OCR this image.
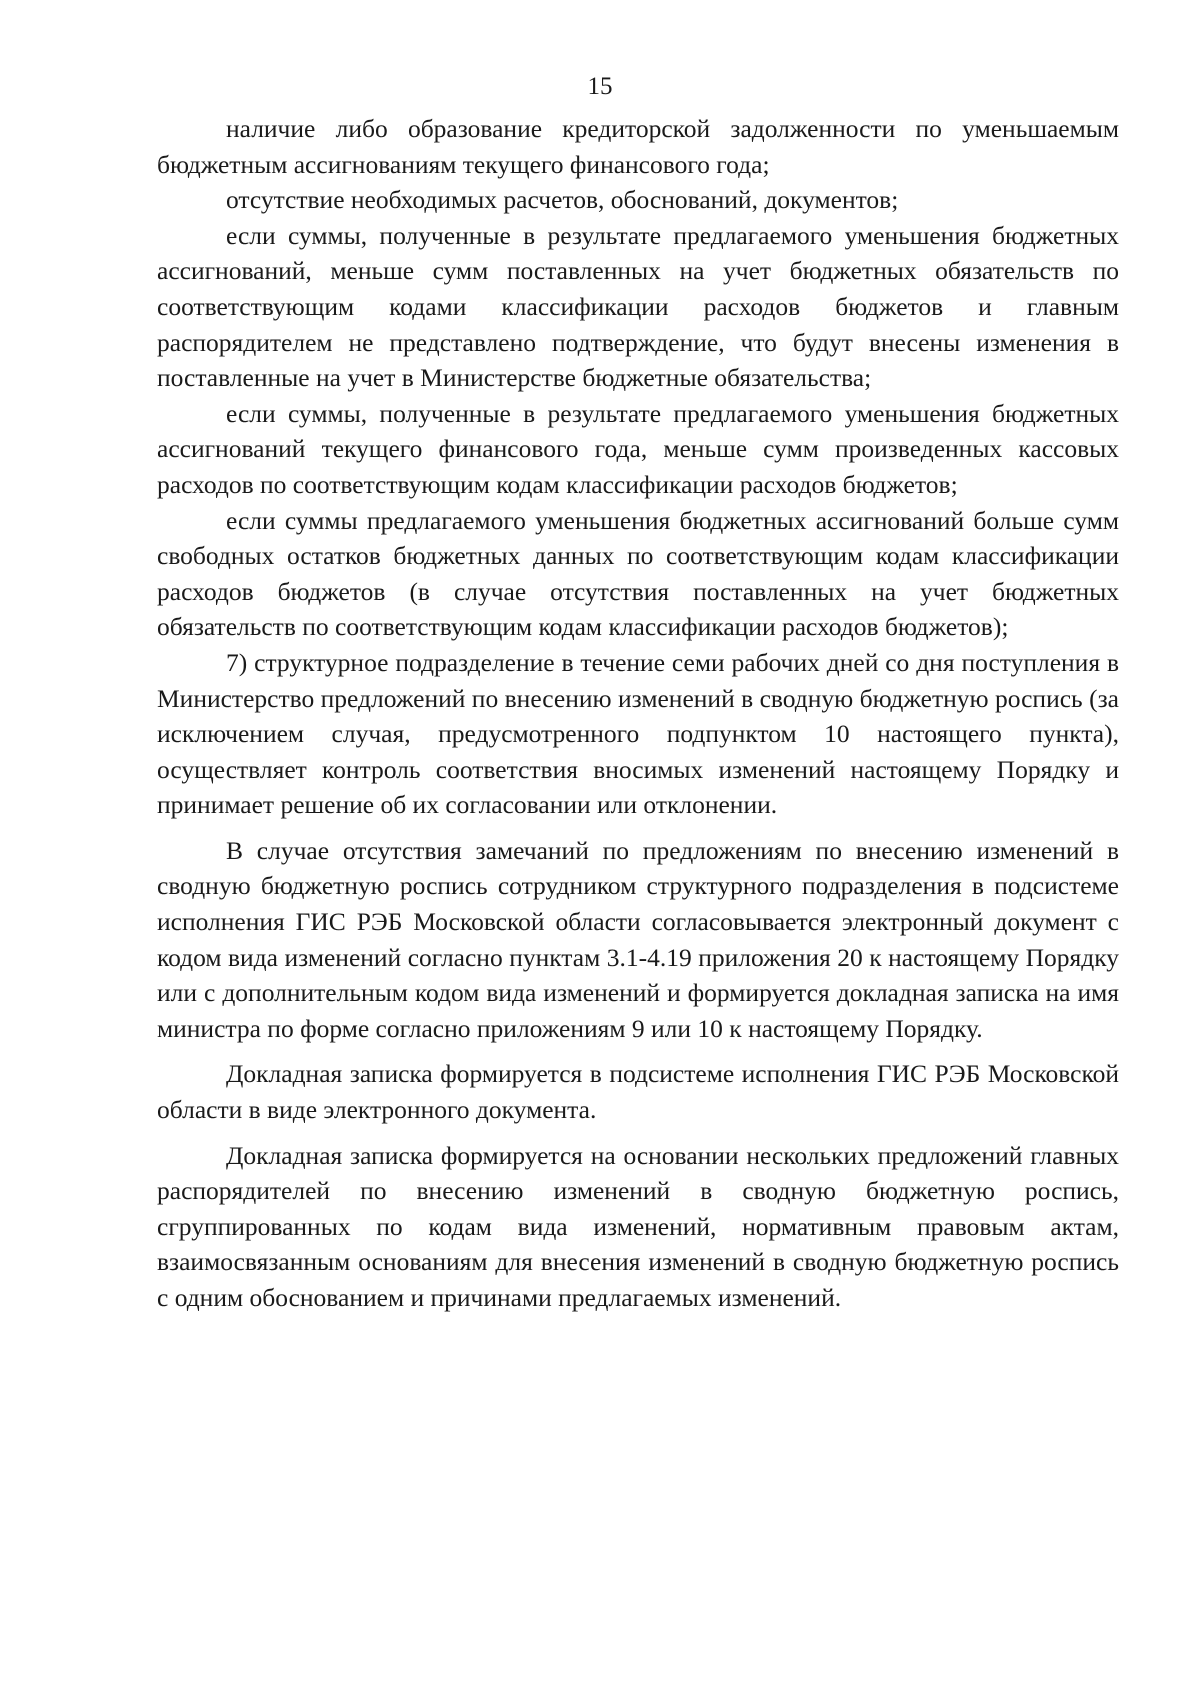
15

наличие либо образование кредиторской задолженности по уменьшаемым бюджетным ассигнованиям текущего финансового года;

отсутствие необходимых расчетов, обоснований, документов;

если суммы, полученные в результате предлагаемого уменьшения бюджетных ассигнований, меньше сумм поставленных на учет бюджетных обязательств по соответствующим кодами классификации расходов бюджетов и главным распорядителем не представлено подтверждение, что будут внесены изменения в поставленные на учет в Министерстве бюджетные обязательства;

если суммы, полученные в результате предлагаемого уменьшения бюджетных ассигнований текущего финансового года, меньше сумм произведенных кассовых расходов по соответствующим кодам классификации расходов бюджетов;

если суммы предлагаемого уменьшения бюджетных ассигнований больше сумм свободных остатков бюджетных данных по соответствующим кодам классификации расходов бюджетов (в случае отсутствия поставленных на учет бюджетных обязательств по соответствующим кодам классификации расходов бюджетов);

7) структурное подразделение в течение семи рабочих дней со дня поступления в Министерство предложений по внесению изменений в сводную бюджетную роспись (за исключением случая, предусмотренного подпунктом 10 настоящего пункта), осуществляет контроль соответствия вносимых изменений настоящему Порядку и принимает решение об их согласовании или отклонении.

В случае отсутствия замечаний по предложениям по внесению изменений в сводную бюджетную роспись сотрудником структурного подразделения в подсистеме исполнения ГИС РЭБ Московской области согласовывается электронный документ с кодом вида изменений согласно пунктам 3.1-4.19 приложения 20 к настоящему Порядку или с дополнительным кодом вида изменений и формируется докладная записка на имя министра по форме согласно приложениям 9 или 10 к настоящему Порядку.

Докладная записка формируется в подсистеме исполнения ГИС РЭБ Московской области в виде электронного документа.

Докладная записка формируется на основании нескольких предложений главных распорядителей по внесению изменений в сводную бюджетную роспись, сгруппированных по кодам вида изменений, нормативным правовым актам, взаимосвязанным основаниям для внесения изменений в сводную бюджетную роспись с одним обоснованием и причинами предлагаемых изменений.
